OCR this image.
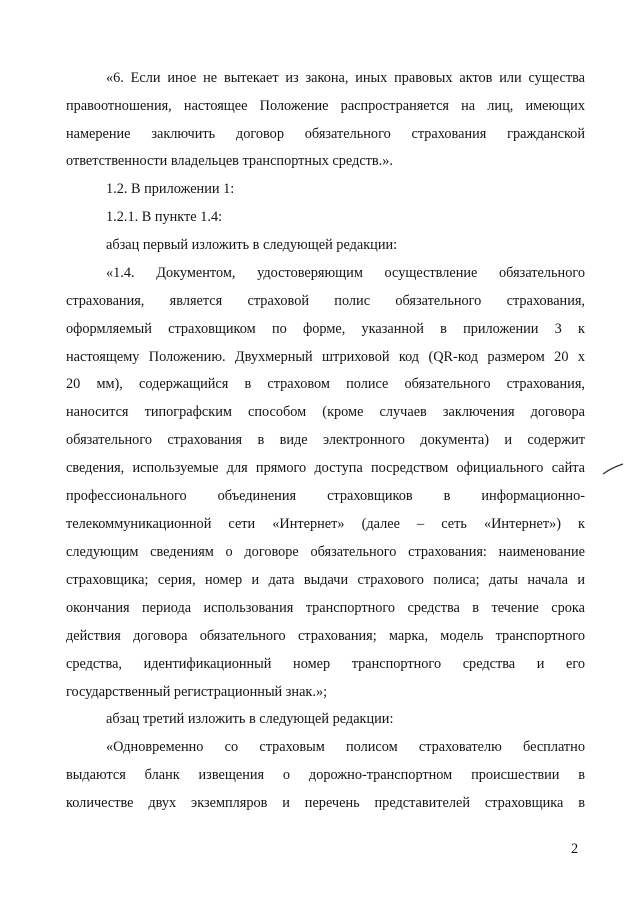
«6. Если иное не вытекает из закона, иных правовых актов или существа
правоотношения, настоящее Положение распространяется на лиц, имеющих
намерение заключить договор обязательного страхования гражданской
ответственности владельцев транспортных средств.».
1.2. В приложении 1:
1.2.1. В пункте 1.4:
абзац первый изложить в следующей редакции:
«1.4. Документом, удостоверяющим осуществление обязательного
страхования, является страховой полис обязательного страхования,
оформляемый страховщиком по форме, указанной в приложении 3 к
настоящему Положению. Двухмерный штриховой код (QR-код размером 20 х
20 мм), содержащийся в страховом полисе обязательного страхования,
наносится типографским способом (кроме случаев заключения договора
обязательного страхования в виде электронного документа) и содержит
сведения, используемые для прямого доступа посредством официального сайта
профессионального объединения страховщиков в информационно-
телекоммуникационной сети «Интернет» (далее – сеть «Интернет») к
следующим сведениям о договоре обязательного страхования: наименование
страховщика; серия, номер и дата выдачи страхового полиса; даты начала и
окончания периода использования транспортного средства в течение срока
действия договора обязательного страхования; марка, модель транспортного
средства, идентификационный номер транспортного средства и его
государственный регистрационный знак.»;
абзац третий изложить в следующей редакции:
«Одновременно со страховым полисом страхователю бесплатно
выдаются бланк извещения о дорожно-транспортном происшествии в
количестве двух экземпляров и перечень представителей страховщика в
2
